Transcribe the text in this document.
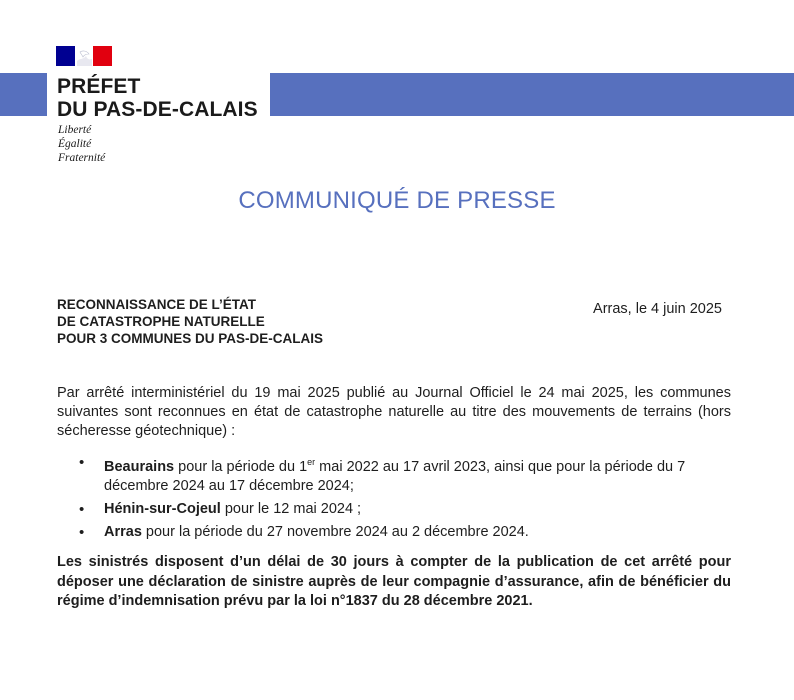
PRÉFET
DU PAS-DE-CALAIS
Liberté
Égalité
Fraternité
COMMUNIQUÉ DE PRESSE
RECONNAISSANCE DE L’ÉTAT
DE CATASTROPHE NATURELLE
POUR 3 COMMUNES DU PAS-DE-CALAIS
Arras, le 4 juin 2025

Par arrêté interministériel du 19 mai 2025 publié au Journal Officiel le 24 mai 2025, les communes suivantes sont reconnues en état de catastrophe naturelle au titre des mouvements de terrains (hors sécheresse géotechnique) :

• Beaurains pour la période du 1er mai 2022 au 17 avril 2023, ainsi que pour la période du 7 décembre 2024 au 17 décembre 2024;
• Hénin-sur-Cojeul pour le 12 mai 2024 ;
• Arras pour la période du 27 novembre 2024 au 2 décembre 2024.

Les sinistrés disposent d’un délai de 30 jours à compter de la publication de cet arrêté pour déposer une déclaration de sinistre auprès de leur compagnie d’assurance, afin de bénéficier du régime d’indemnisation prévu par la loi n°1837 du 28 décembre 2021.
